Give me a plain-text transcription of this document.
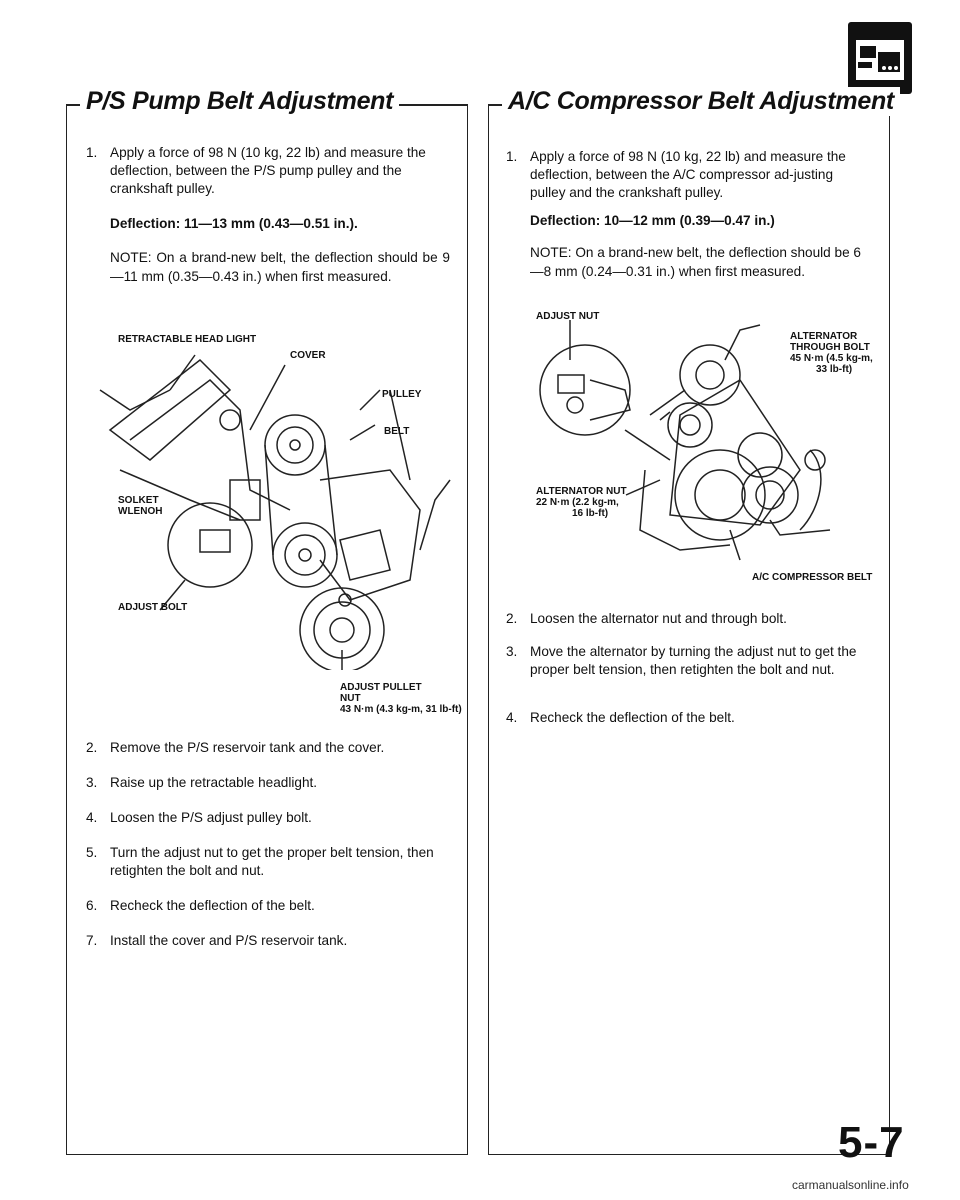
P/S Pump Belt Adjustment
1. Apply a force of 98 N (10 kg, 22 lb) and measure the deflection, between the P/S pump pulley and the crankshaft pulley.
Deflection: 11—13 mm (0.43—0.51 in.).
NOTE: On a brand-new belt, the deflection should be 9—11 mm (0.35—0.43 in.) when first measured.
RETRACTABLE HEAD LIGHT
COVER
PULLEY
BELT
SOLKET
WLENOH
ADJUST BOLT
ADJUST PULLET
NUT
43 N·m (4.3 kg-m, 31 lb-ft)
2. Remove the P/S reservoir tank and the cover.
3. Raise up the retractable headlight.
4. Loosen the P/S adjust pulley bolt.
5. Turn the adjust nut to get the proper belt tension, then retighten the bolt and nut.
6. Recheck the deflection of the belt.
7. Install the cover and P/S reservoir tank.
A/C Compressor Belt Adjustment
1. Apply a force of 98 N (10 kg, 22 lb) and measure the deflection, between the A/C compressor ad-justing pulley and the crankshaft pulley.
Deflection: 10—12 mm (0.39—0.47 in.)
NOTE: On a brand-new belt, the deflection should be 6—8 mm (0.24—0.31 in.) when first measured.
ADJUST NUT
ALTERNATOR
THROUGH BOLT
45 N·m (4.5 kg-m,
33 lb-ft)
ALTERNATOR NUT
22 N·m (2.2 kg-m,
16 lb-ft)
A/C COMPRESSOR BELT
2. Loosen the alternator nut and through bolt.
3. Move the alternator by turning the adjust nut to get the proper belt tension, then retighten the bolt and nut.
4. Recheck the deflection of the belt.
5-7
carmanualsonline.info
